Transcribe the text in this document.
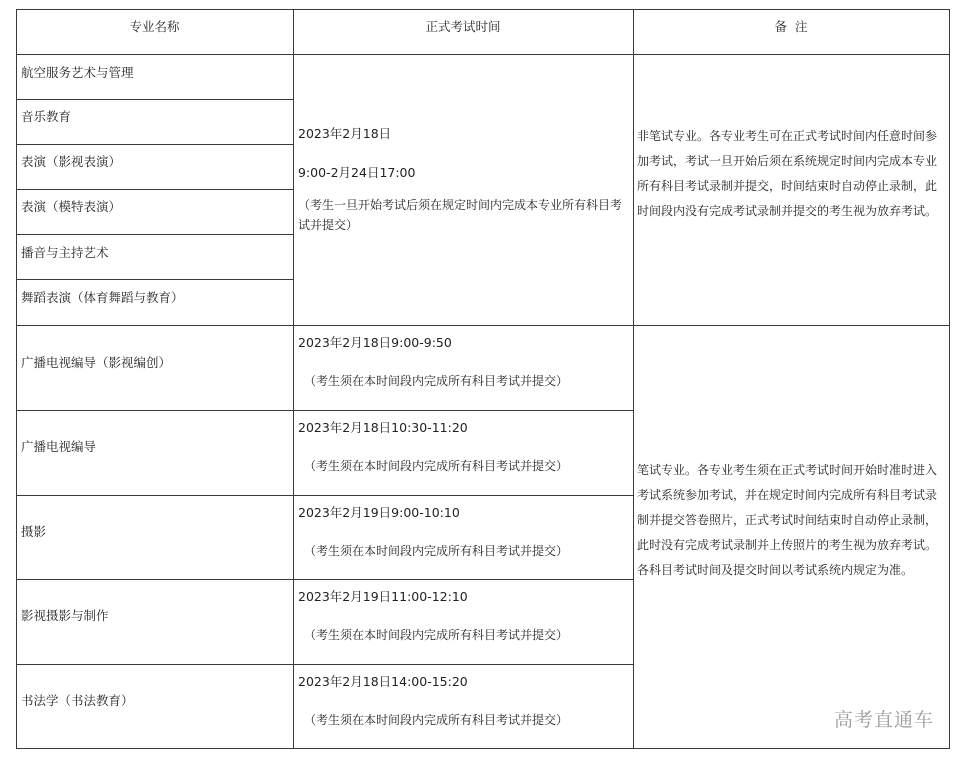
专业名称	正式考试时间	备  注
航空服务艺术与管理
音乐教育
表演（影视表演）
表演（模特表演）
播音与主持艺术
舞蹈表演（体育舞蹈与教育）
2023年2月18日
9:00-2月24日17:00
（考生一旦开始考试后须在规定时间内完成本专业所有科目考试并提交）
非笔试专业。各专业考生可在正式考试时间内任意时间参加考试，考试一旦开始后须在系统规定时间内完成本专业所有科目考试录制并提交，时间结束时自动停止录制，此时间段内没有完成考试录制并提交的考生视为放弃考试。
广播电视编导（影视编创）
2023年2月18日9:00-9:50
（考生须在本时间段内完成所有科目考试并提交）
广播电视编导
2023年2月18日10:30-11:20
（考生须在本时间段内完成所有科目考试并提交）
摄影
2023年2月19日9:00-10:10
（考生须在本时间段内完成所有科目考试并提交）
影视摄影与制作
2023年2月19日11:00-12:10
（考生须在本时间段内完成所有科目考试并提交）
书法学（书法教育）
2023年2月18日14:00-15:20
（考生须在本时间段内完成所有科目考试并提交）
笔试专业。各专业考生须在正式考试时间开始时准时进入考试系统参加考试，并在规定时间内完成所有科目考试录制并提交答卷照片，正式考试时间结束时自动停止录制，此时没有完成考试录制并上传照片的考生视为放弃考试。各科目考试时间及提交时间以考试系统内规定为准。
高考直通车
